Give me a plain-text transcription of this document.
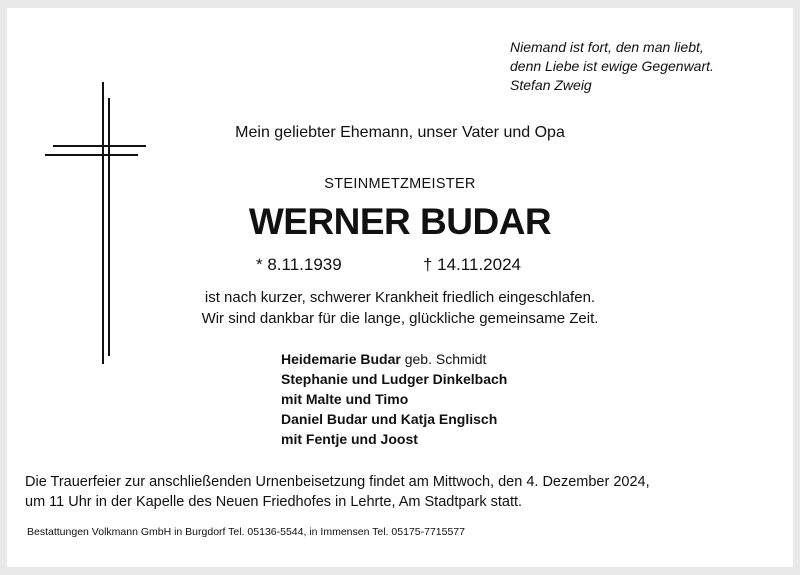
Niemand ist fort, den man liebt,
denn Liebe ist ewige Gegenwart.
Stefan Zweig
Mein geliebter Ehemann, unser Vater und Opa
STEINMETZMEISTER
WERNER BUDAR
* 8.11.1939	† 14.11.2024
ist nach kurzer, schwerer Krankheit friedlich eingeschlafen.
Wir sind dankbar für die lange, glückliche gemeinsame Zeit.
Heidemarie Budar geb. Schmidt
Stephanie und Ludger Dinkelbach
mit Malte und Timo
Daniel Budar und Katja Englisch
mit Fentje und Joost
Die Trauerfeier zur anschließenden Urnenbeisetzung findet am Mittwoch, den 4. Dezember 2024,
um 11 Uhr in der Kapelle des Neuen Friedhofes in Lehrte, Am Stadtpark statt.
Bestattungen Volkmann GmbH in Burgdorf Tel. 05136-5544, in Immensen Tel. 05175-7715577
